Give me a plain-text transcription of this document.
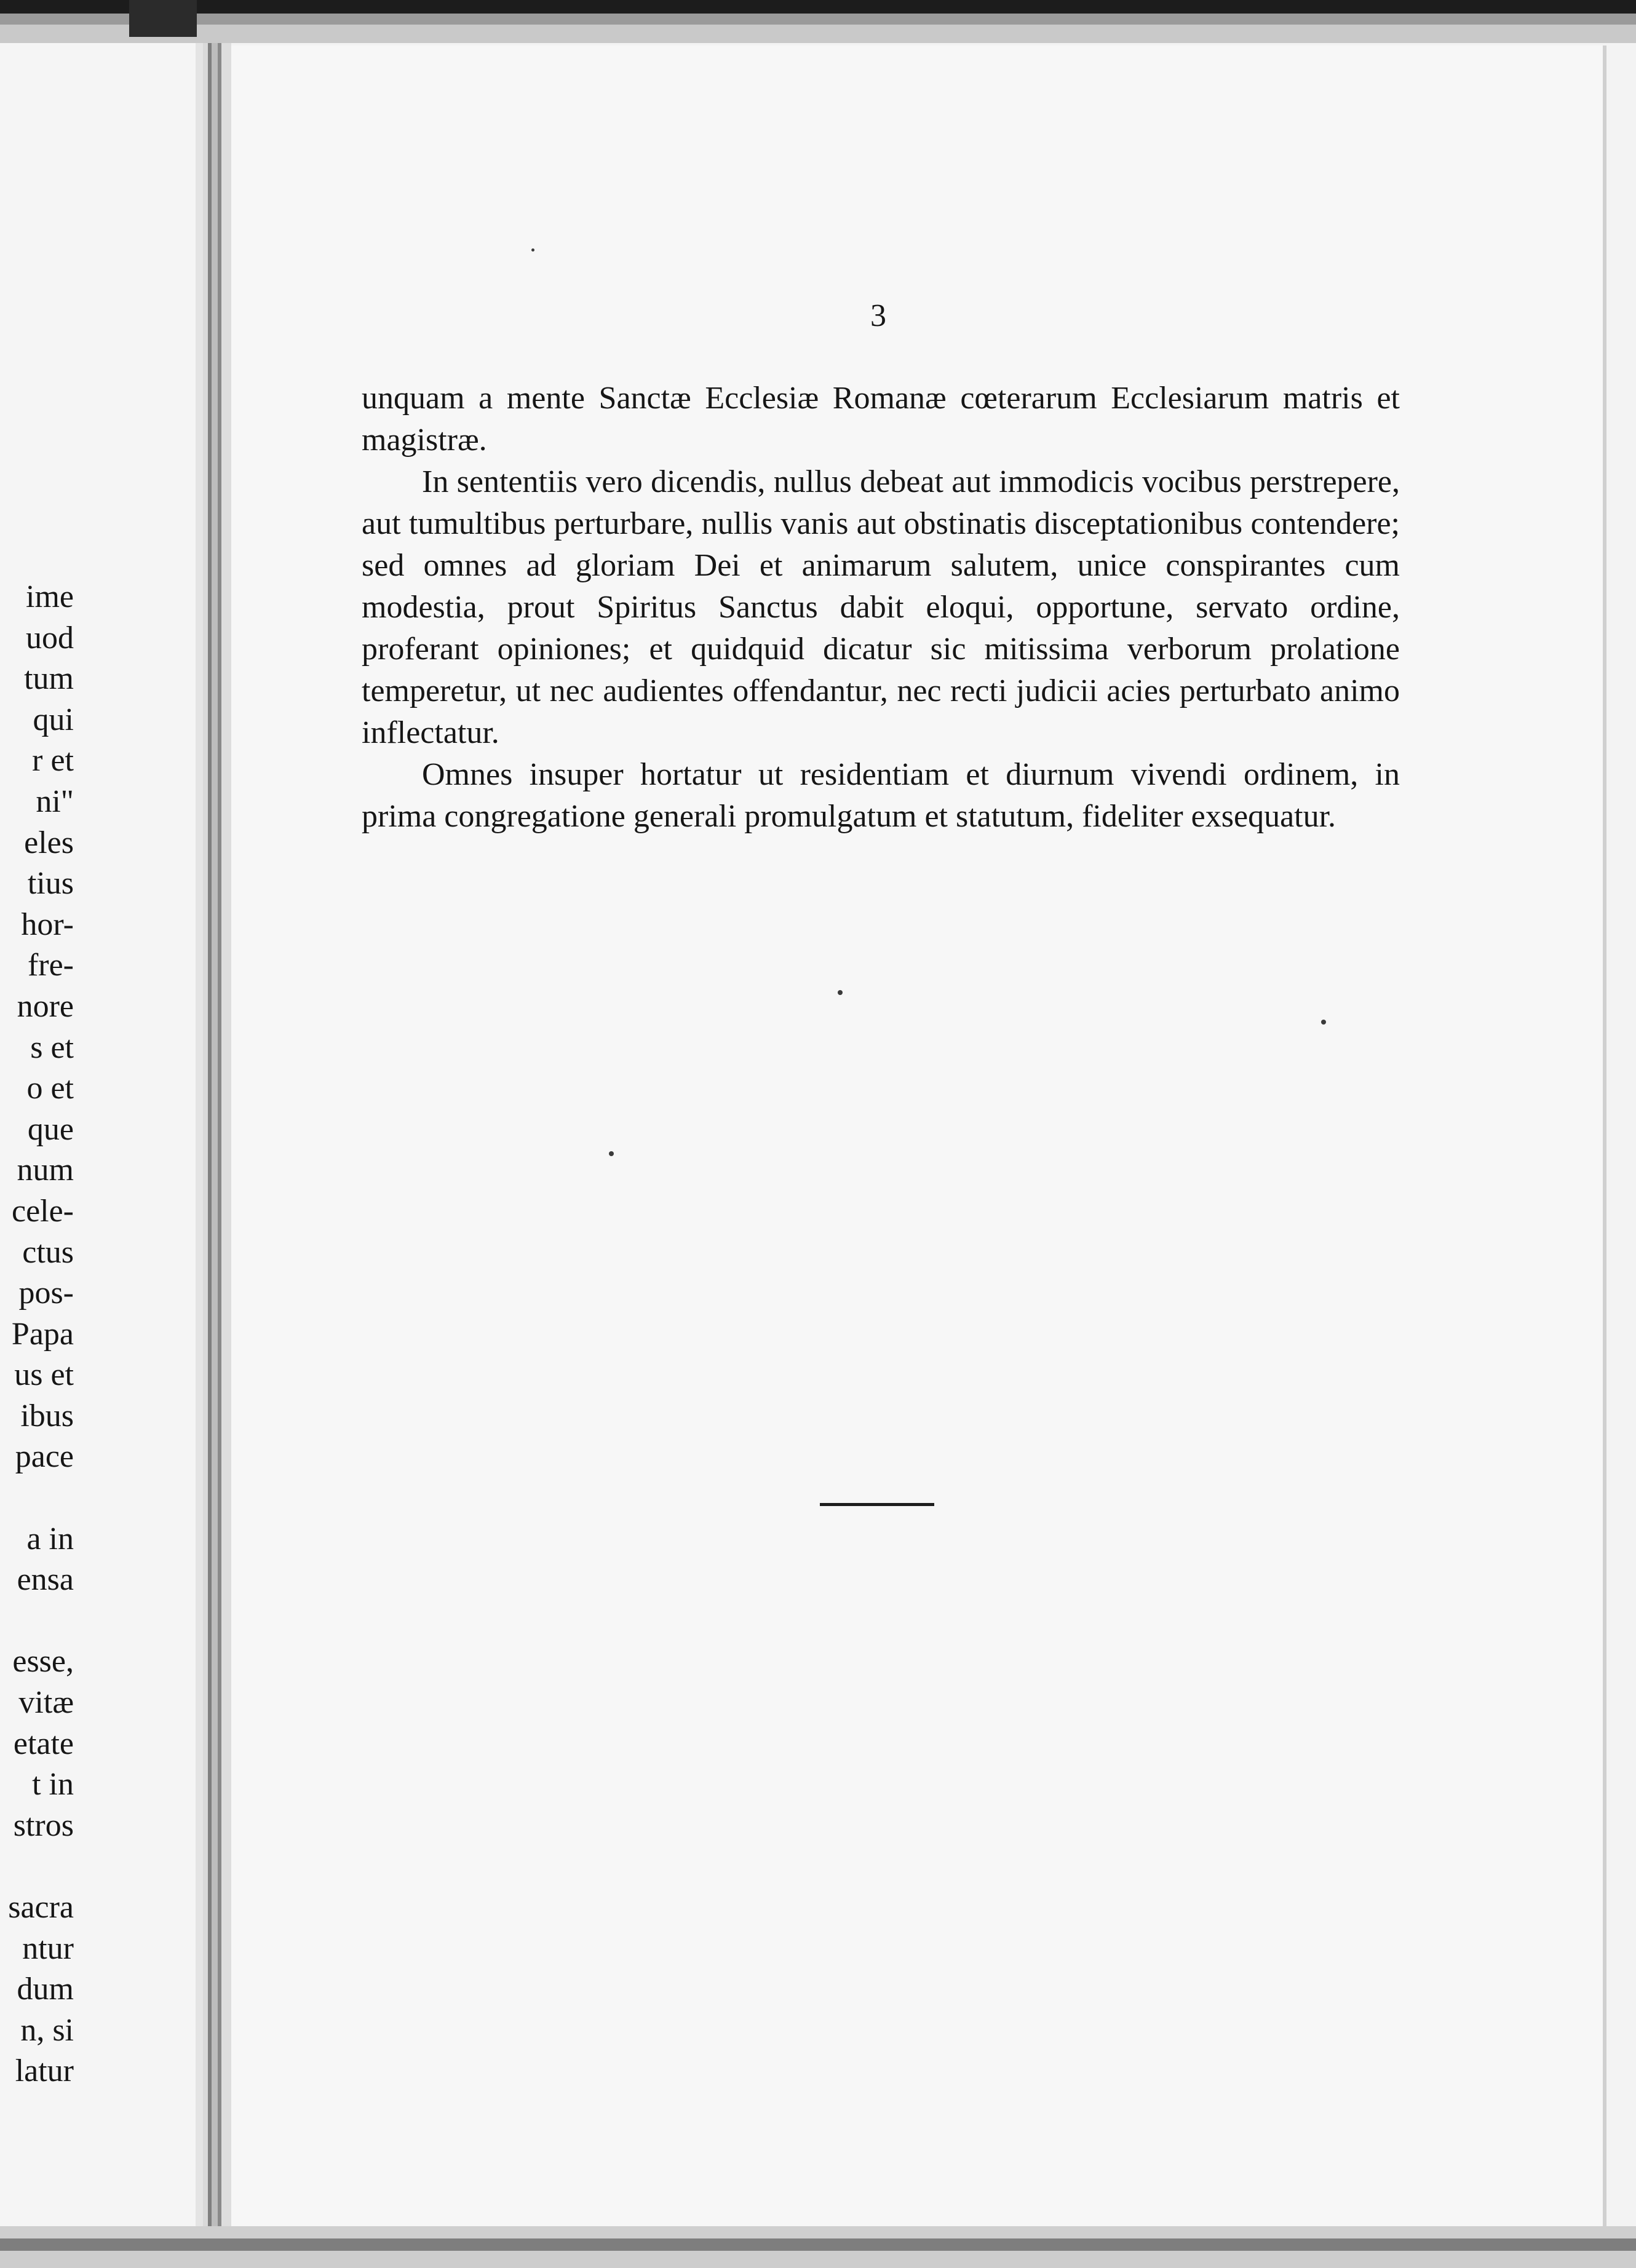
ime
uod
tum
qui
r et
ni"
eles
tius
hor-
fre-
nore
s et
o et
que
num
cele-
ctus
pos-
Papa
us et
ibus
pace
a in
ensa
esse,
vitæ
etate
t in
stros
sacra
ntur
dum
n, si
latur
3

unquam a mente Sanctæ Ecclesiæ Romanæ cœterarum Ecclesiarum matris et magistræ.

In sententiis vero dicendis, nullus debeat aut immodicis vocibus perstrepere, aut tumultibus perturbare, nullis vanis aut obstinatis disceptationibus contendere; sed omnes ad gloriam Dei et animarum salutem, unice conspirantes cum modestia, prout Spiritus Sanctus dabit eloqui, opportune, servato ordine, proferant opiniones; et quidquid dicatur sic mitissima verborum prolatione temperetur, ut nec audientes offendantur, nec recti judicii acies perturbato animo inflectatur.

Omnes insuper hortatur ut residentiam et diurnum vivendi ordinem, in prima congregatione generali promulgatum et statutum, fideliter exsequatur.
